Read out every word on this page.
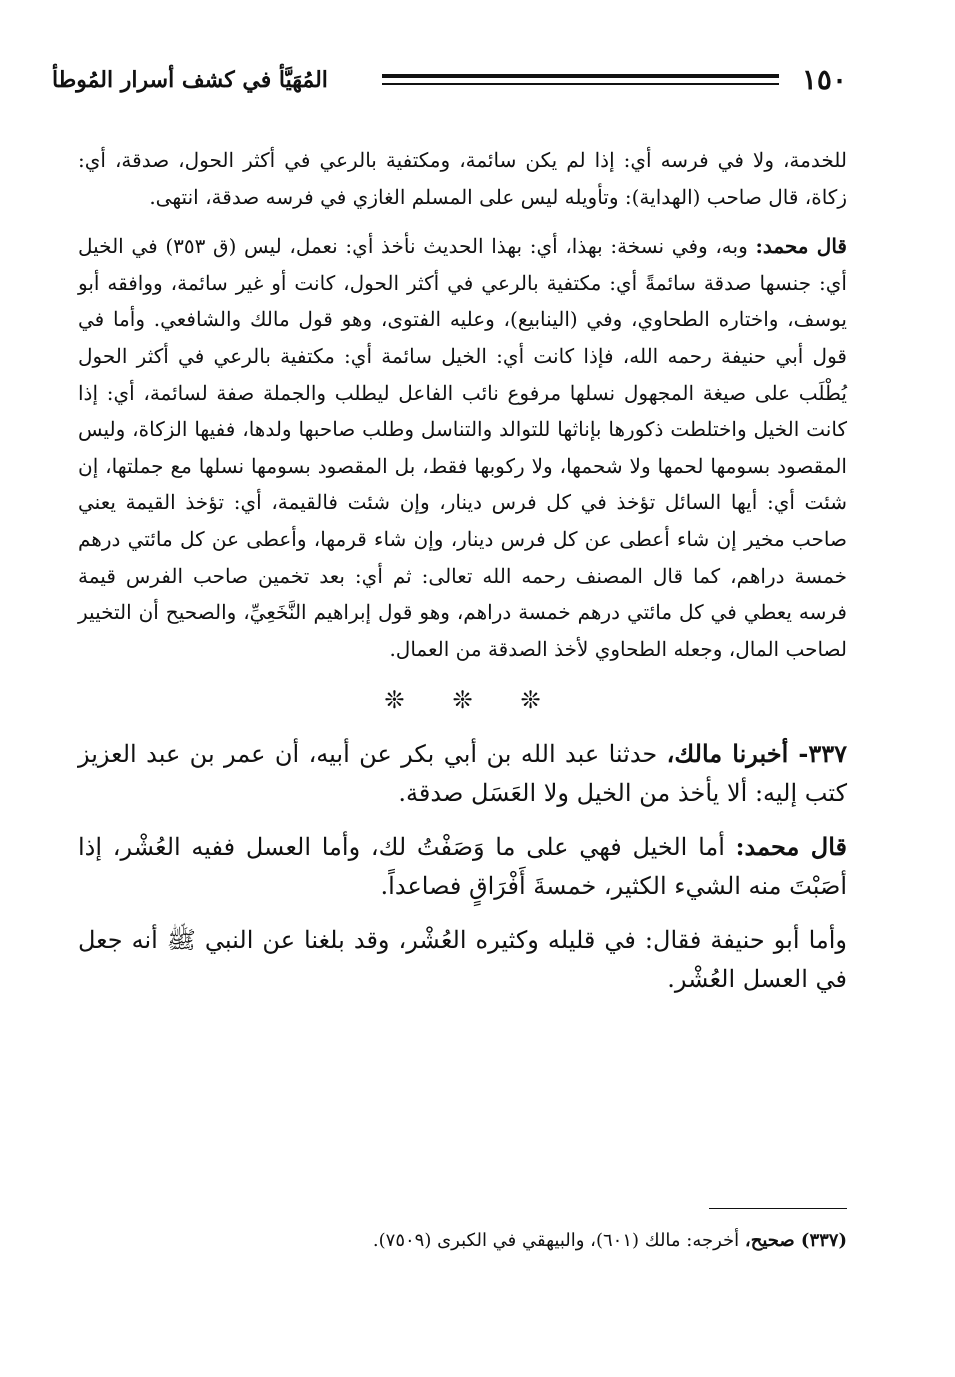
١٥٠
المُهَيَّأ في كشف أسرار المُوطأ

للخدمة، ولا في فرسه أي: إذا لم يكن سائمة، ومكتفية بالرعي في أكثر الحول، صدقة، أي: زكاة، قال صاحب (الهداية): وتأويله ليس على المسلم الغازي في فرسه صدقة، انتهى.

قال محمد: وبه، وفي نسخة: بهذا، أي: بهذا الحديث نأخذ أي: نعمل، ليس (ق ٣٥٣) في الخيل أي: جنسها صدقة سائمةً أي: مكتفية بالرعي في أكثر الحول، كانت أو غير سائمة، ووافقه أبو يوسف، واختاره الطحاوي، وفي (الينابيع)، وعليه الفتوى، وهو قول مالك والشافعي. وأما في قول أبي حنيفة رحمه الله، فإذا كانت أي: الخيل سائمة أي: مكتفية بالرعي في أكثر الحول يُطْلَب على صيغة المجهول نسلها مرفوع نائب الفاعل ليطلب والجملة صفة لسائمة، أي: إذا كانت الخيل واختلطت ذكورها بإناثها للتوالد والتناسل وطلب صاحبها ولدها، ففيها الزكاة، وليس المقصود بسومها لحمها ولا شحمها، ولا ركوبها فقط، بل المقصود بسومها نسلها مع جملتها، إن شئت أي: أيها السائل تؤخذ في كل فرس دينار، وإن شئت فالقيمة، أي: تؤخذ القيمة يعني صاحب مخير إن شاء أعطى عن كل فرس دينار، وإن شاء قرمها، وأعطى عن كل مائتي درهم خمسة دراهم، كما قال المصنف رحمه الله تعالى: ثم أي: بعد تخمين صاحب الفرس قيمة فرسه يعطي في كل مائتي درهم خمسة دراهم، وهو قول إبراهيم النَّخَعِيِّ، والصحيح أن التخيير لصاحب المال، وجعله الطحاوي لأخذ الصدقة من العمال.

❊ ❊ ❊

٣٣٧- أخبرنا مالك، حدثنا عبد الله بن أبي بكر عن أبيه، أن عمر بن عبد العزيز كتب إليه: ألا يأخذ من الخيل ولا العَسَل صدقة.

قال محمد: أما الخيل فهي على ما وَصَفْتُ لك، وأما العسل ففيه العُشْر، إذا أصَبْتَ منه الشيء الكثير، خمسةَ أَفْرَاقٍ فصاعداً.

وأما أبو حنيفة فقال: في قليله وكثيره العُشْر، وقد بلغنا عن النبي ﷺ أنه جعل في العسل العُشْر.

(٣٣٧) صحيح، أخرجه: مالك (٦٠١)، والبيهقي في الكبرى (٧٥٠٩).
